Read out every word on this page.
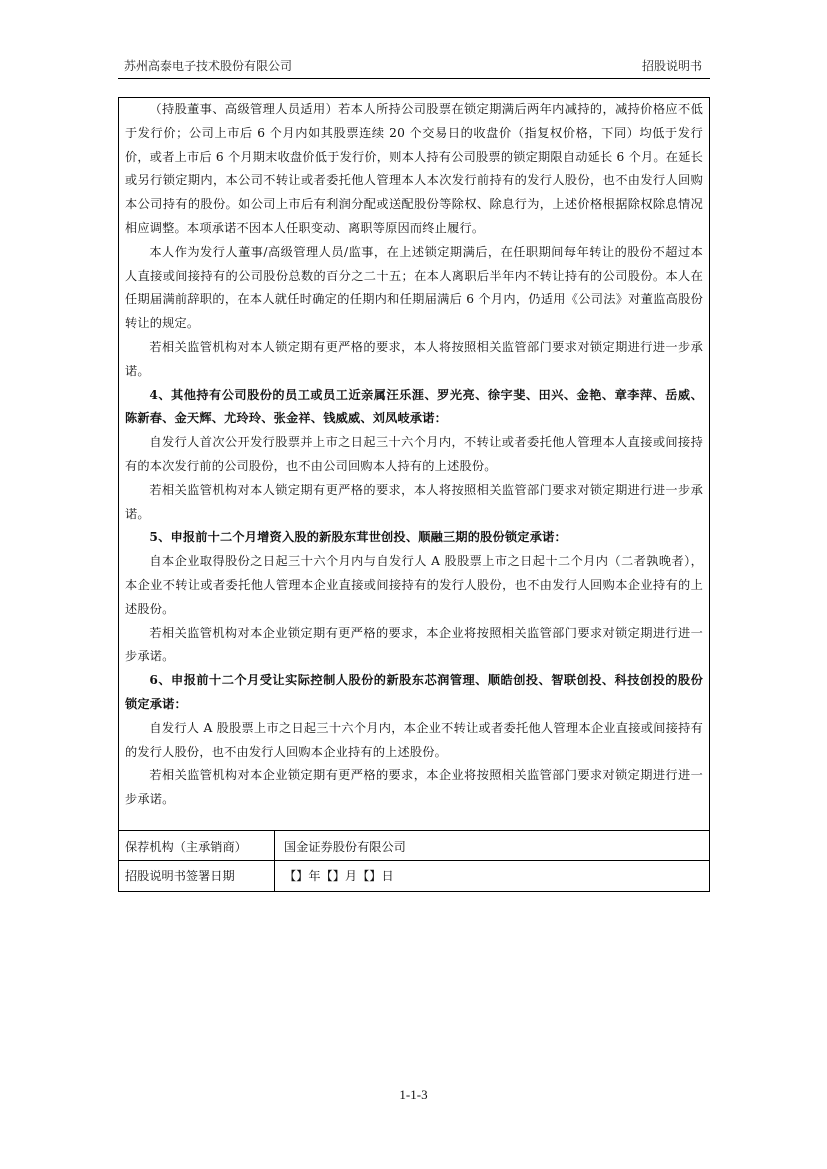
苏州高泰电子技术股份有限公司	招股说明书

（持股董事、高级管理人员适用）若本人所持公司股票在锁定期满后两年内减持的，减持价格应不低于发行价；公司上市后 6 个月内如其股票连续 20 个交易日的收盘价（指复权价格，下同）均低于发行价，或者上市后 6 个月期末收盘价低于发行价，则本人持有公司股票的锁定期限自动延长 6 个月。在延长或另行锁定期内，本公司不转让或者委托他人管理本人本次发行前持有的发行人股份，也不由发行人回购本公司持有的股份。如公司上市后有利润分配或送配股份等除权、除息行为，上述价格根据除权除息情况相应调整。本项承诺不因本人任职变动、离职等原因而终止履行。

本人作为发行人董事/高级管理人员/监事，在上述锁定期满后，在任职期间每年转让的股份不超过本人直接或间接持有的公司股份总数的百分之二十五；在本人离职后半年内不转让持有的公司股份。本人在任期届满前辞职的，在本人就任时确定的任期内和任期届满后 6 个月内，仍适用《公司法》对董监高股份转让的规定。

若相关监管机构对本人锁定期有更严格的要求，本人将按照相关监管部门要求对锁定期进行进一步承诺。

4、其他持有公司股份的员工或员工近亲属汪乐涯、罗光亮、徐宇斐、田兴、金艳、章李萍、岳威、陈新春、金天辉、尤玲玲、张金祥、钱威威、刘凤岐承诺：

自发行人首次公开发行股票并上市之日起三十六个月内，不转让或者委托他人管理本人直接或间接持有的本次发行前的公司股份，也不由公司回购本人持有的上述股份。

若相关监管机构对本人锁定期有更严格的要求，本人将按照相关监管部门要求对锁定期进行进一步承诺。

5、申报前十二个月增资入股的新股东茸世创投、顺融三期的股份锁定承诺：

自本企业取得股份之日起三十六个月内与自发行人 A 股股票上市之日起十二个月内（二者孰晚者），本企业不转让或者委托他人管理本企业直接或间接持有的发行人股份，也不由发行人回购本企业持有的上述股份。

若相关监管机构对本企业锁定期有更严格的要求，本企业将按照相关监管部门要求对锁定期进行进一步承诺。

6、申报前十二个月受让实际控制人股份的新股东芯润管理、顺皓创投、智联创投、科技创投的股份锁定承诺：

自发行人 A 股股票上市之日起三十六个月内，本企业不转让或者委托他人管理本企业直接或间接持有的发行人股份，也不由发行人回购本企业持有的上述股份。

若相关监管机构对本企业锁定期有更严格的要求，本企业将按照相关监管部门要求对锁定期进行进一步承诺。

保荐机构（主承销商）	国金证券股份有限公司
招股说明书签署日期	【】年【】月【】日
1-1-3
